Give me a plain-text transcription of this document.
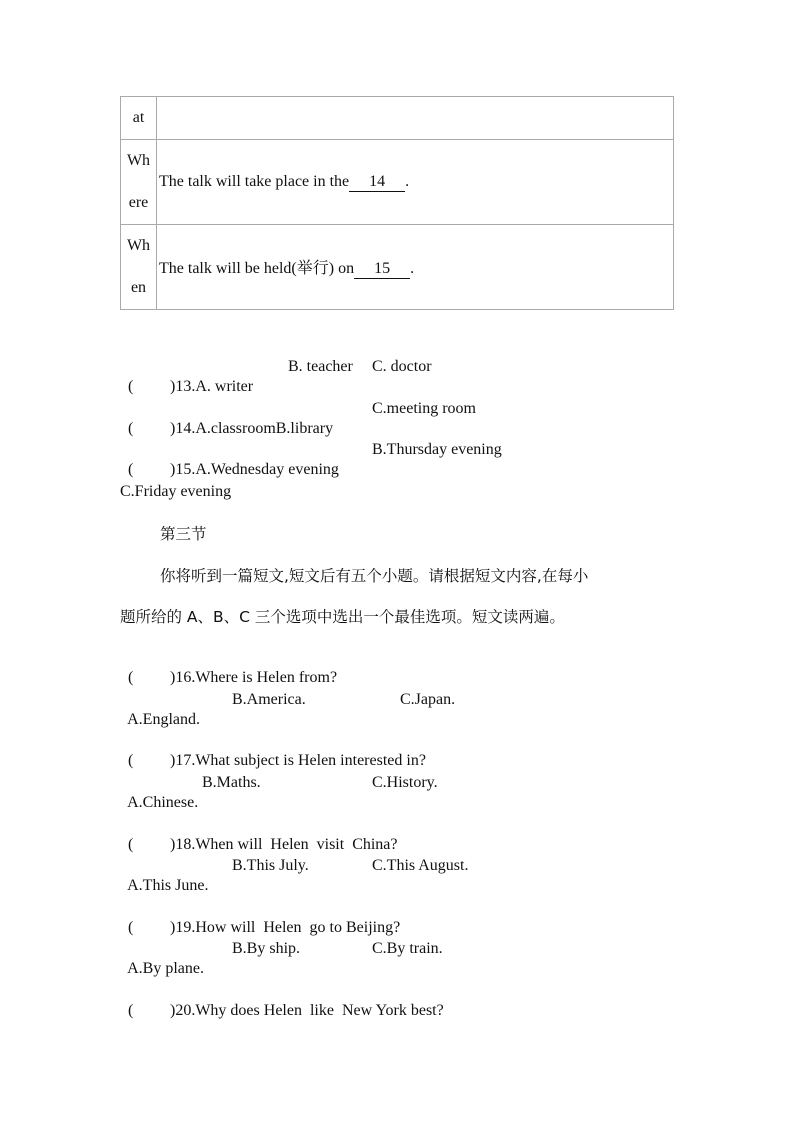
at	
Wh
ere	The talk will take place in the 14 .
Wh
en	The talk will be held(举行) on 15 .

( )13.A. writer

B. teacher

C. doctor

( )14.A.classroomB.library

C.meeting room

( )15.A.Wednesday evening

B.Thursday evening

C.Friday evening
第三节
你将听到一篇短文,短文后有五个小题。请根据短文内容,在每小
题所给的 A、B、C 三个选项中选出一个最佳选项。短文读两遍。

( )16.Where is Helen from?

A.England.

B.America.

	C.Japan.

( )17.What subject is Helen interested in?

A.Chinese.

B.Maths.

	C.History.

( )18.When will  Helen  visit  China?

A.This June.

B.This July.

	C.This August.

( )19.How will  Helen  go to Beijing?

A.By plane.

B.By ship.

	C.By train.

( )20.Why does Helen  like  New York best?
